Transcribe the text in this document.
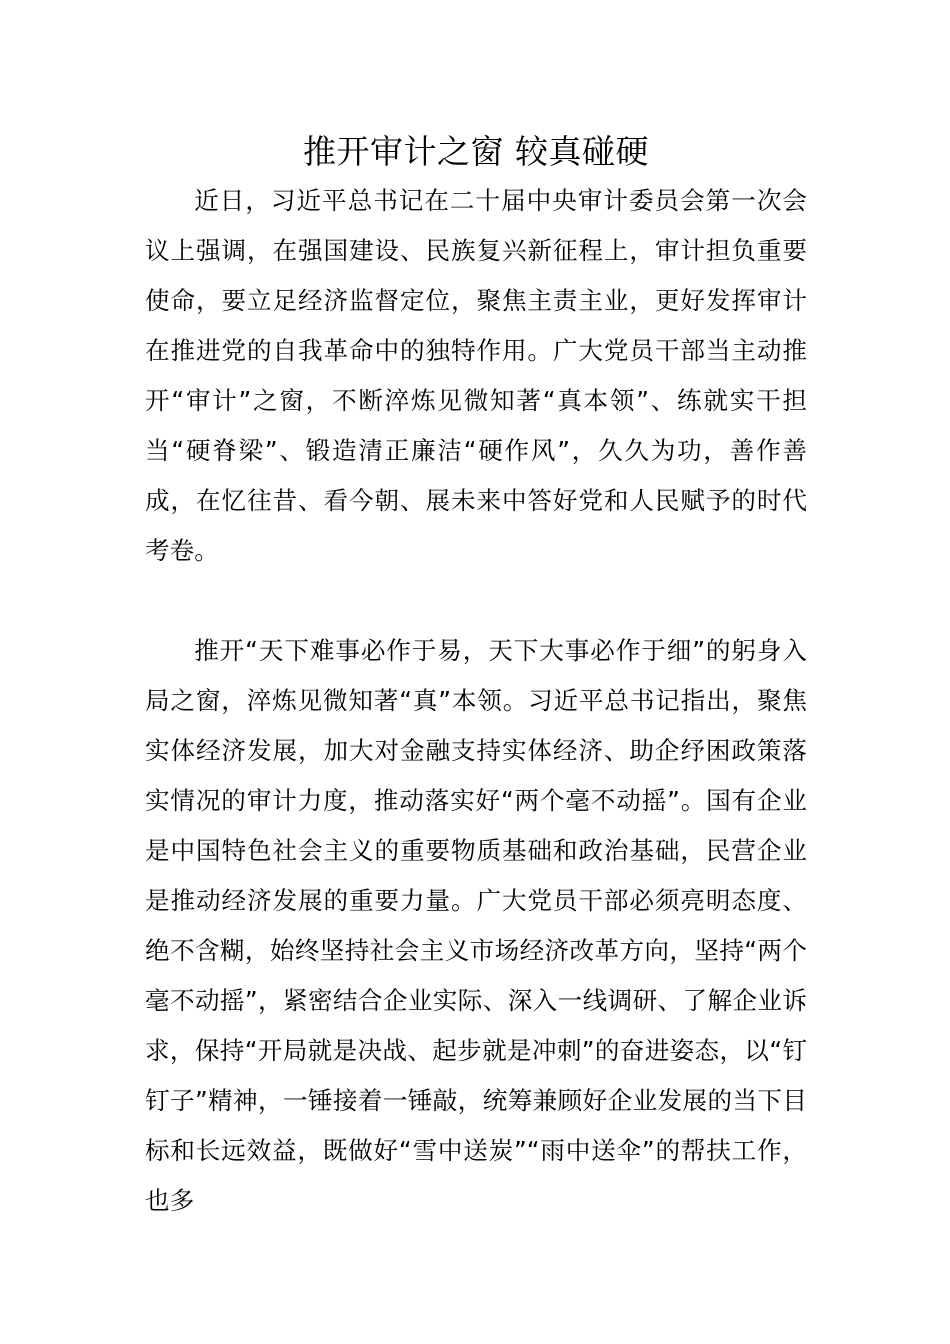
推开审计之窗 较真碰硬

近日，习近平总书记在二十届中央审计委员会第一次会议上强调，在强国建设、民族复兴新征程上，审计担负重要使命，要立足经济监督定位，聚焦主责主业，更好发挥审计在推进党的自我革命中的独特作用。广大党员干部当主动推开“审计”之窗，不断淬炼见微知著“真本领”、练就实干担当“硬脊梁”、锻造清正廉洁“硬作风”，久久为功，善作善成，在忆往昔、看今朝、展未来中答好党和人民赋予的时代考卷。

推开“天下难事必作于易，天下大事必作于细”的躬身入局之窗，淬炼见微知著“真”本领。习近平总书记指出，聚焦实体经济发展，加大对金融支持实体经济、助企纾困政策落实情况的审计力度，推动落实好“两个毫不动摇”。国有企业是中国特色社会主义的重要物质基础和政治基础，民营企业是推动经济发展的重要力量。广大党员干部必须亮明态度、绝不含糊，始终坚持社会主义市场经济改革方向，坚持“两个毫不动摇”，紧密结合企业实际、深入一线调研、了解企业诉求，保持“开局就是决战、起步就是冲刺”的奋进姿态，以“钉钉子”精神，一锤接着一锤敲，统筹兼顾好企业发展的当下目标和长远效益，既做好“雪中送炭”“雨中送伞”的帮扶工作，也多
